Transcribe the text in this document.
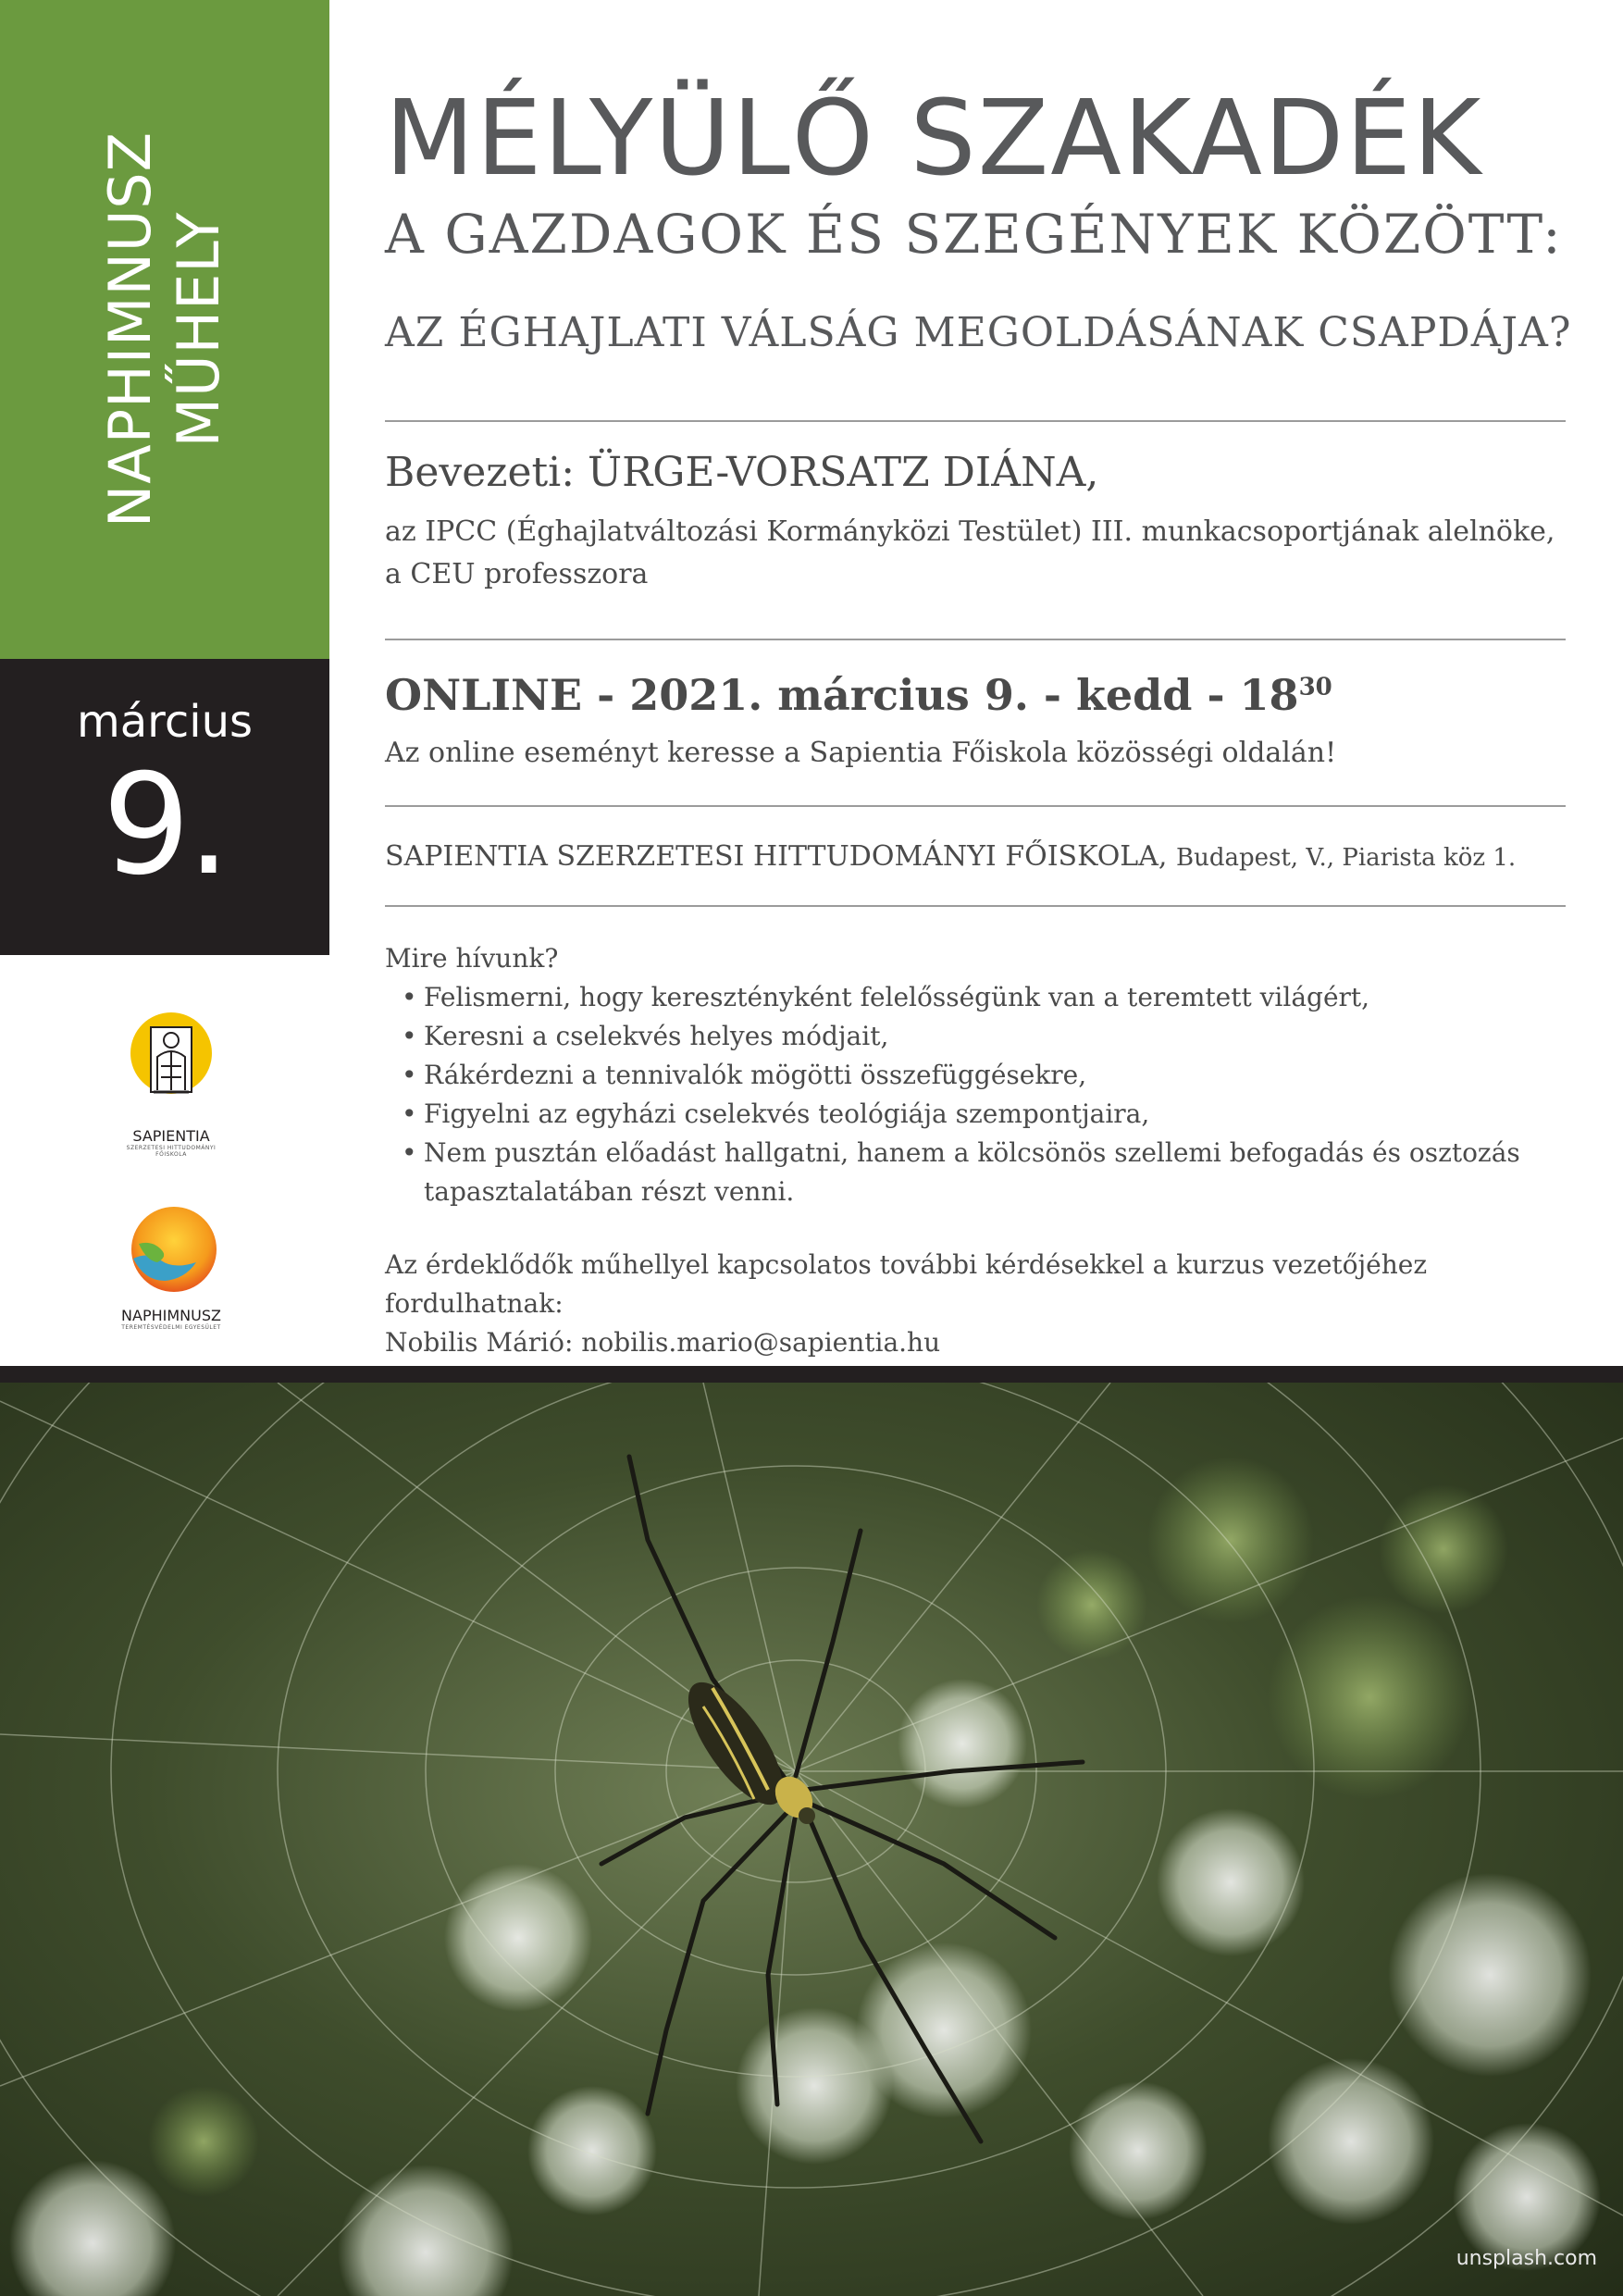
NAPHIMNUSZ MŰHELY
március
9.
SAPIENTIA
SZERZETESI HITTUDOMÁNYI FŐISKOLA
NAPHIMNUSZ
TEREMTÉSVÉDELMI EGYESÜLET
MÉLYÜLŐ SZAKADÉK
A GAZDAGOK ÉS SZEGÉNYEK KÖZÖTT:
AZ ÉGHAJLATI VÁLSÁG MEGOLDÁSÁNAK CSAPDÁJA?
Bevezeti: ÜRGE-VORSATZ DIÁNA,
az IPCC (Éghajlatváltozási Kormányközi Testület) III. munkacsoportjának alelnöke,
a CEU professzora
ONLINE - 2021. március 9. - kedd - $18^{30}$
Az online eseményt keresse a Sapientia Főiskola közösségi oldalán!
SAPIENTIA SZERZETESI HITTUDOMÁNYI FŐISKOLA, Budapest, V., Piarista köz 1.
Mire hívunk?
• Felismerni, hogy keresztényként felelősségünk van a teremtett világért,
• Keresni a cselekvés helyes módjait,
• Rákérdezni a tennivalók mögötti összefüggésekre,
• Figyelni az egyházi cselekvés teológiája szempontjaira,
• Nem pusztán előadást hallgatni, hanem a kölcsönös szellemi befogadás és osztozás tapasztalatában részt venni.
Az érdeklődők műhellyel kapcsolatos további kérdésekkel a kurzus vezetőjéhez fordulhatnak:
Nobilis Márió: nobilis.mario@sapientia.hu
unsplash.com
